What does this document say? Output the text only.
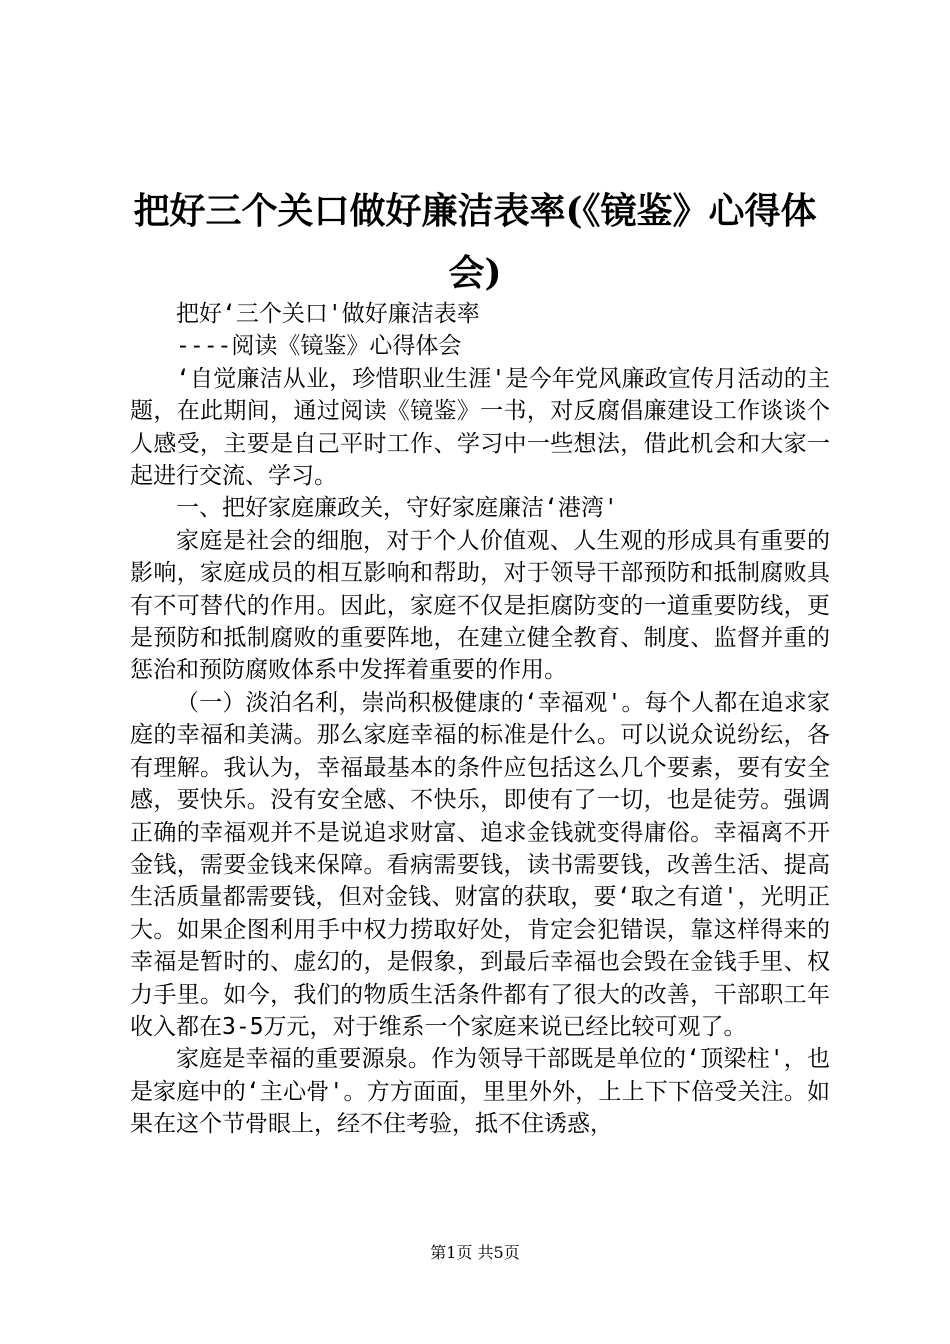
把好三个关口做好廉洁表率(《镜鉴》心得体会)

把好‘三个关口'做好廉洁表率

----阅读《镜鉴》心得体会

‘自觉廉洁从业，珍惜职业生涯'是今年党风廉政宣传月活动的主题，在此期间，通过阅读《镜鉴》一书，对反腐倡廉建设工作谈谈个人感受，主要是自己平时工作、学习中一些想法，借此机会和大家一起进行交流、学习。

一、把好家庭廉政关，守好家庭廉洁‘港湾'

家庭是社会的细胞，对于个人价值观、人生观的形成具有重要的影响，家庭成员的相互影响和帮助，对于领导干部预防和抵制腐败具有不可替代的作用。因此，家庭不仅是拒腐防变的一道重要防线，更是预防和抵制腐败的重要阵地，在建立健全教育、制度、监督并重的惩治和预防腐败体系中发挥着重要的作用。

（一）淡泊名利，崇尚积极健康的‘幸福观'。每个人都在追求家庭的幸福和美满。那么家庭幸福的标准是什么。可以说众说纷纭，各有理解。我认为，幸福最基本的条件应包括这么几个要素，要有安全感，要快乐。没有安全感、不快乐，即使有了一切，也是徒劳。强调正确的幸福观并不是说追求财富、追求金钱就变得庸俗。幸福离不开金钱，需要金钱来保障。看病需要钱，读书需要钱，改善生活、提高生活质量都需要钱，但对金钱、财富的获取，要‘取之有道'，光明正大。如果企图利用手中权力捞取好处，肯定会犯错误，靠这样得来的幸福是暂时的、虚幻的，是假象，到最后幸福也会毁在金钱手里、权力手里。如今，我们的物质生活条件都有了很大的改善，干部职工年收入都在3-5万元，对于维系一个家庭来说已经比较可观了。

家庭是幸福的重要源泉。作为领导干部既是单位的‘顶梁柱'，也是家庭中的‘主心骨'。方方面面，里里外外，上上下下倍受关注。如果在这个节骨眼上，经不住考验，抵不住诱惑，

第1页 共5页
